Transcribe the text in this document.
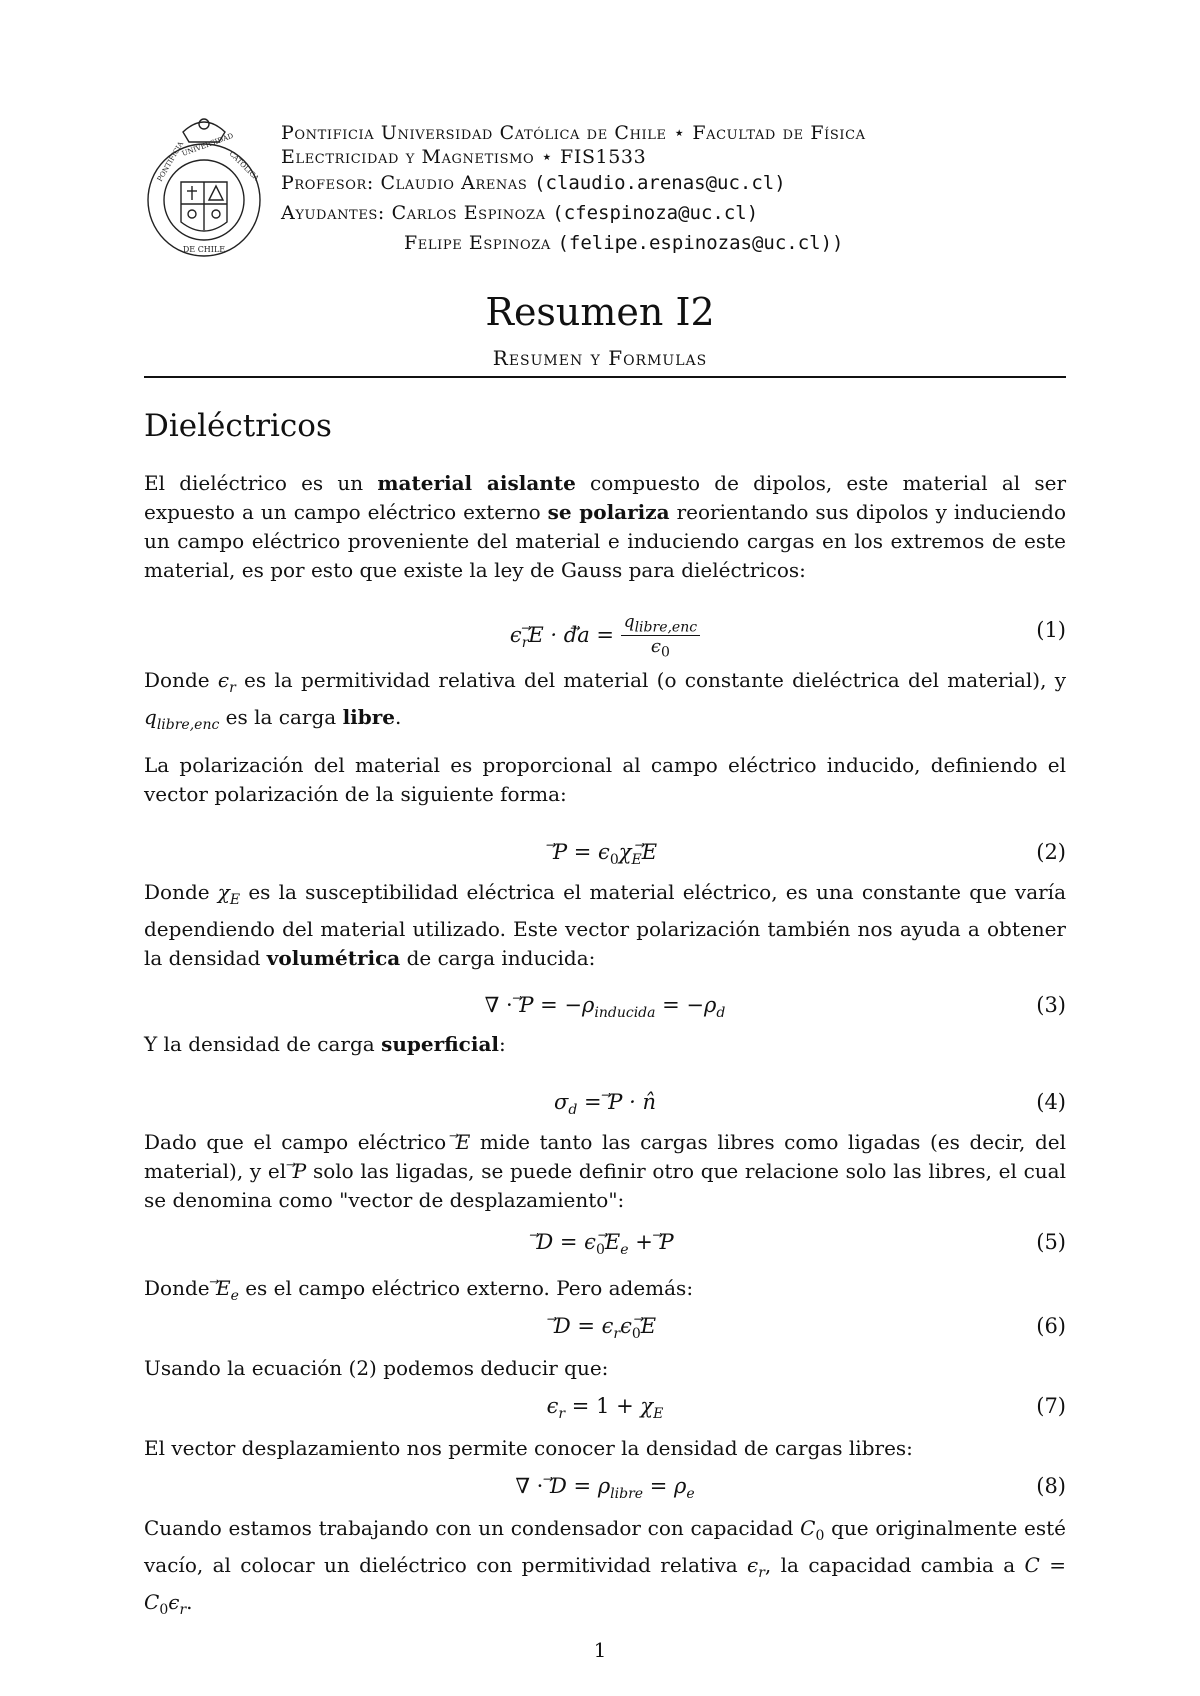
DE CHILE
PONTIFICIA	CATOLICA
UNIVERSIDAD Pontificia Universidad Católica de Chile ⋆ Facultad de Física
Electricidad y Magnetismo ⋆ FIS1533
Profesor: Claudio Arenas (claudio.arenas@uc.cl)
Ayudantes: Carlos Espinoza (cfespinoza@uc.cl)
Felipe Espinoza (felipe.espinozas@uc.cl))
Resumen I2
Resumen y Formulas
Dieléctricos
El dieléctrico es un material aislante compuesto de dipolos, este material al ser expuesto a un campo eléctrico externo se polariza reorientando sus dipolos y induciendo un campo eléctrico proveniente del material e induciendo cargas en los extremos de este material, es por esto que existe la ley de Gauss para dieléctricos:
$\epsilon_r⃗$ E · d⃗ $a = \frac{q_{libre,enc}}{\epsilon_0}$	(1)
Donde $\epsilon_r$ es la permitividad relativa del material (o constante dieléctrica del material), y $q_{libre,enc}$ es la carga libre.
La polarización del material es proporcional al campo eléctrico inducido, definiendo el vector polarización de la siguiente forma:
⃗ $P = \epsilon_0\chi_E⃗$ E	(2)
Donde $\chi_E$ es la susceptibilidad eléctrica el material eléctrico, es una constante que varía dependiendo del material utilizado. Este vector polarización también nos ayuda a obtener la densidad volumétrica de carga inducida:
∇ · ⃗ $P = -\rho_{inducida} = -\rho_d$	(3)
Y la densidad de carga superficial:
$\sigma_d$ = ⃗ P · n̂	(4)
Dado que el campo eléctrico ⃗ E mide tanto las cargas libres como ligadas (es decir, del material), y el ⃗ P solo las ligadas, se puede definir otro que relacione solo las libres, el cual se denomina como "vector de desplazamiento":
⃗ $D = \epsilon_0⃗$ $E_e$ + ⃗ P	(5)
Donde ⃗ $E_e$ es el campo eléctrico externo. Pero además:
⃗ $D = \epsilon_r\epsilon_0⃗$ E	(6)
Usando la ecuación (2) podemos deducir que:
$\epsilon_r = 1 + \chi_E$	(7)
El vector desplazamiento nos permite conocer la densidad de cargas libres:
∇ · ⃗ $D = \rho_{libre} = \rho_e$	(8)
Cuando estamos trabajando con un condensador con capacidad $C_0$ que originalmente esté vacío, al colocar un dieléctrico con permitividad relativa $\epsilon_r$, la capacidad cambia a $C = C_0\epsilon_r$.
1
